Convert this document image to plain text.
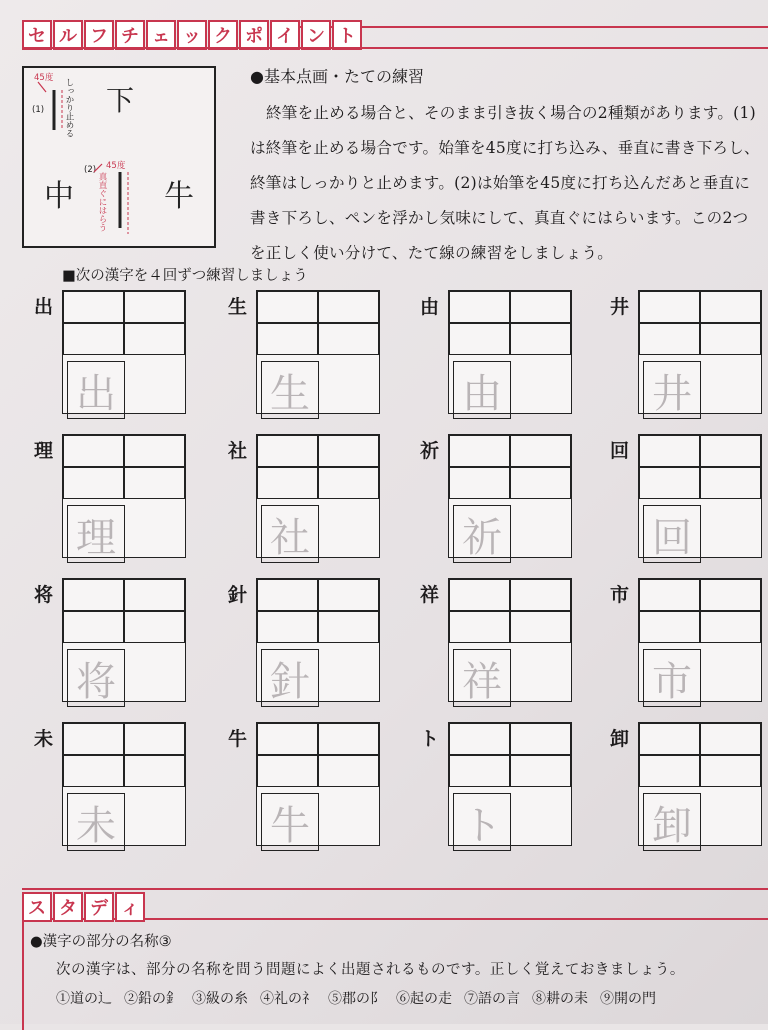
セ ル フ チ ェ ッ ク ポ イ ン ト
45度
(1) しっかり止める 下
中
(2) 45度
真直ぐにはらう 牛
●基本点画・たての練習
終筆を止める場合と、そのまま引き抜く場合の2種類があります。(1)
は終筆を止める場合です。始筆を45度に打ち込み、垂直に書き下ろし、
終筆はしっかりと止めます。(2)は始筆を45度に打ち込んだあと垂直に
書き下ろし、ペンを浮かし気味にして、真直ぐにはらいます。この2つ
を正しく使い分けて、たて線の練習をしましょう。
■次の漢字を４回ずつ練習しましょう
出
出
生
生
由
由
井
井
理
理
社
社
祈
祈
回
回
将
将
針
針
祥
祥
市
市
未
未
牛
牛
ト
ト
卸
卸
ス タ デ ィ
●漢字の部分の名称③
次の漢字は、部分の名称を問う問題によく出題されるものです。正しく覚えておきましょう。
①道の辶 ②鉛の釒 ③級の糸 ④礼の礻 ⑤郡の阝 ⑥起の走 ⑦語の言 ⑧耕の耒 ⑨開の門
